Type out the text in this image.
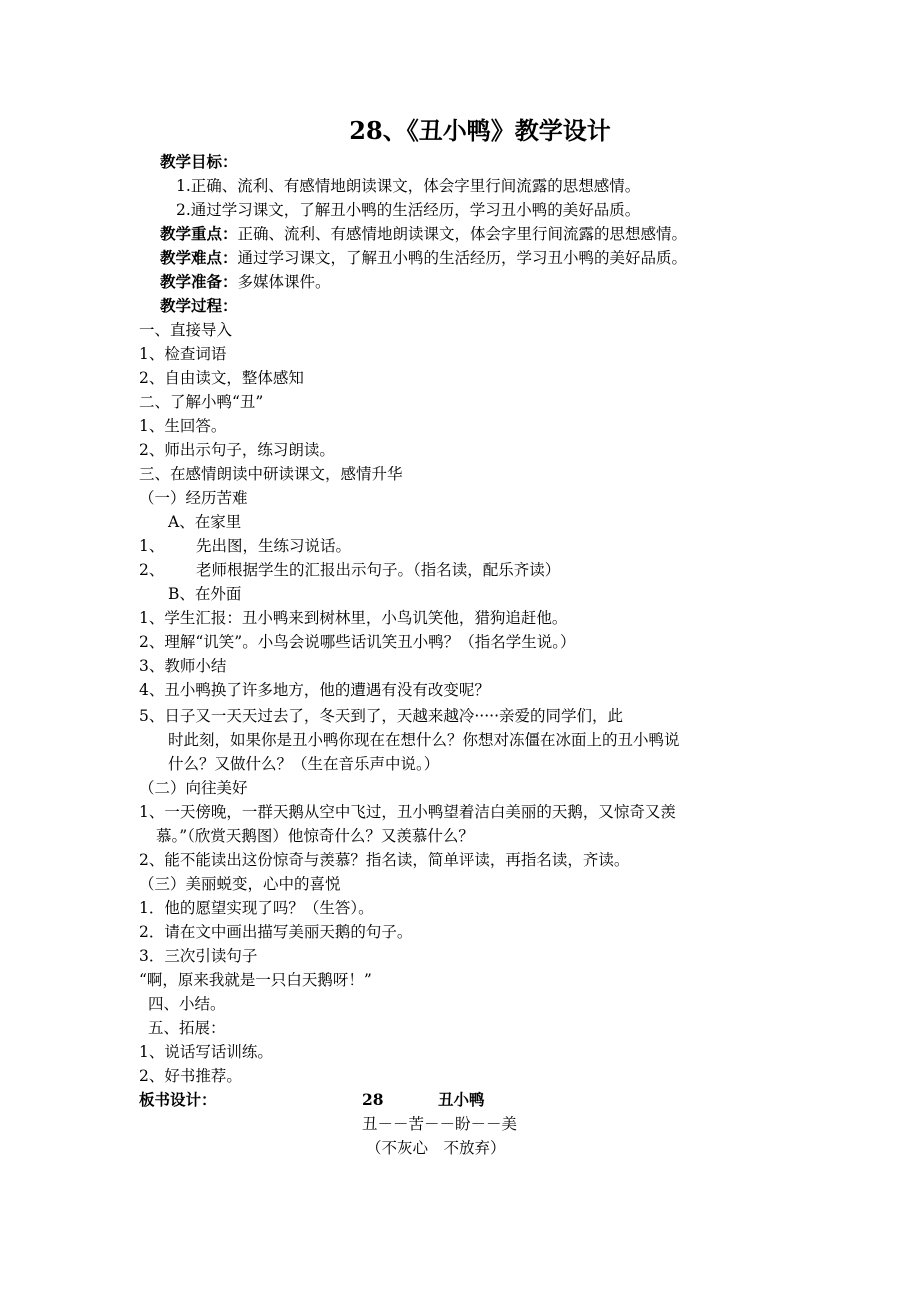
28、《丑小鸭》教学设计
教学目标：
1.正确、流利、有感情地朗读课文，体会字里行间流露的思想感情。
2.通过学习课文，了解丑小鸭的生活经历，学习丑小鸭的美好品质。
教学重点：正确、流利、有感情地朗读课文，体会字里行间流露的思想感情。
教学难点：通过学习课文，了解丑小鸭的生活经历，学习丑小鸭的美好品质。
教学准备：多媒体课件。
教学过程：
一、直接导入
1、检查词语
2、自由读文，整体感知
二、了解小鸭“丑”
1、生回答。
2、师出示句子，练习朗读。
三、在感情朗读中研读课文，感情升华
（一）经历苦难
A、在家里
1、 先出图，生练习说话。
2、 老师根据学生的汇报出示句子。（指名读，配乐齐读）
B、在外面
1、学生汇报：丑小鸭来到树林里，小鸟讥笑他，猎狗追赶他。
2、理解“讥笑”。小鸟会说哪些话讥笑丑小鸭？（指名学生说。）
3、教师小结
4、丑小鸭换了许多地方，他的遭遇有没有改变呢？
5、日子又一天天过去了，冬天到了，天越来越冷·····亲爱的同学们，此
时此刻，如果你是丑小鸭你现在在想什么？你想对冻僵在冰面上的丑小鸭说
什么？又做什么？（生在音乐声中说。）
（二）向往美好
1、一天傍晚，一群天鹅从空中飞过，丑小鸭望着洁白美丽的天鹅，又惊奇又羡
慕。”（欣赏天鹅图）他惊奇什么？又羡慕什么？
2、能不能读出这份惊奇与羡慕？指名读，简单评读，再指名读，齐读。
（三）美丽蜕变，心中的喜悦
1．他的愿望实现了吗？（生答）。
2．请在文中画出描写美丽天鹅的句子。
3．三次引读句子
“啊，原来我就是一只白天鹅呀！”
四、小结。
五、拓展：
1、说话写话训练。
2、好书推荐。
板书设计：	28	丑小鸭
丑－－苦－－盼－－美
（不灰心　不放弃）
